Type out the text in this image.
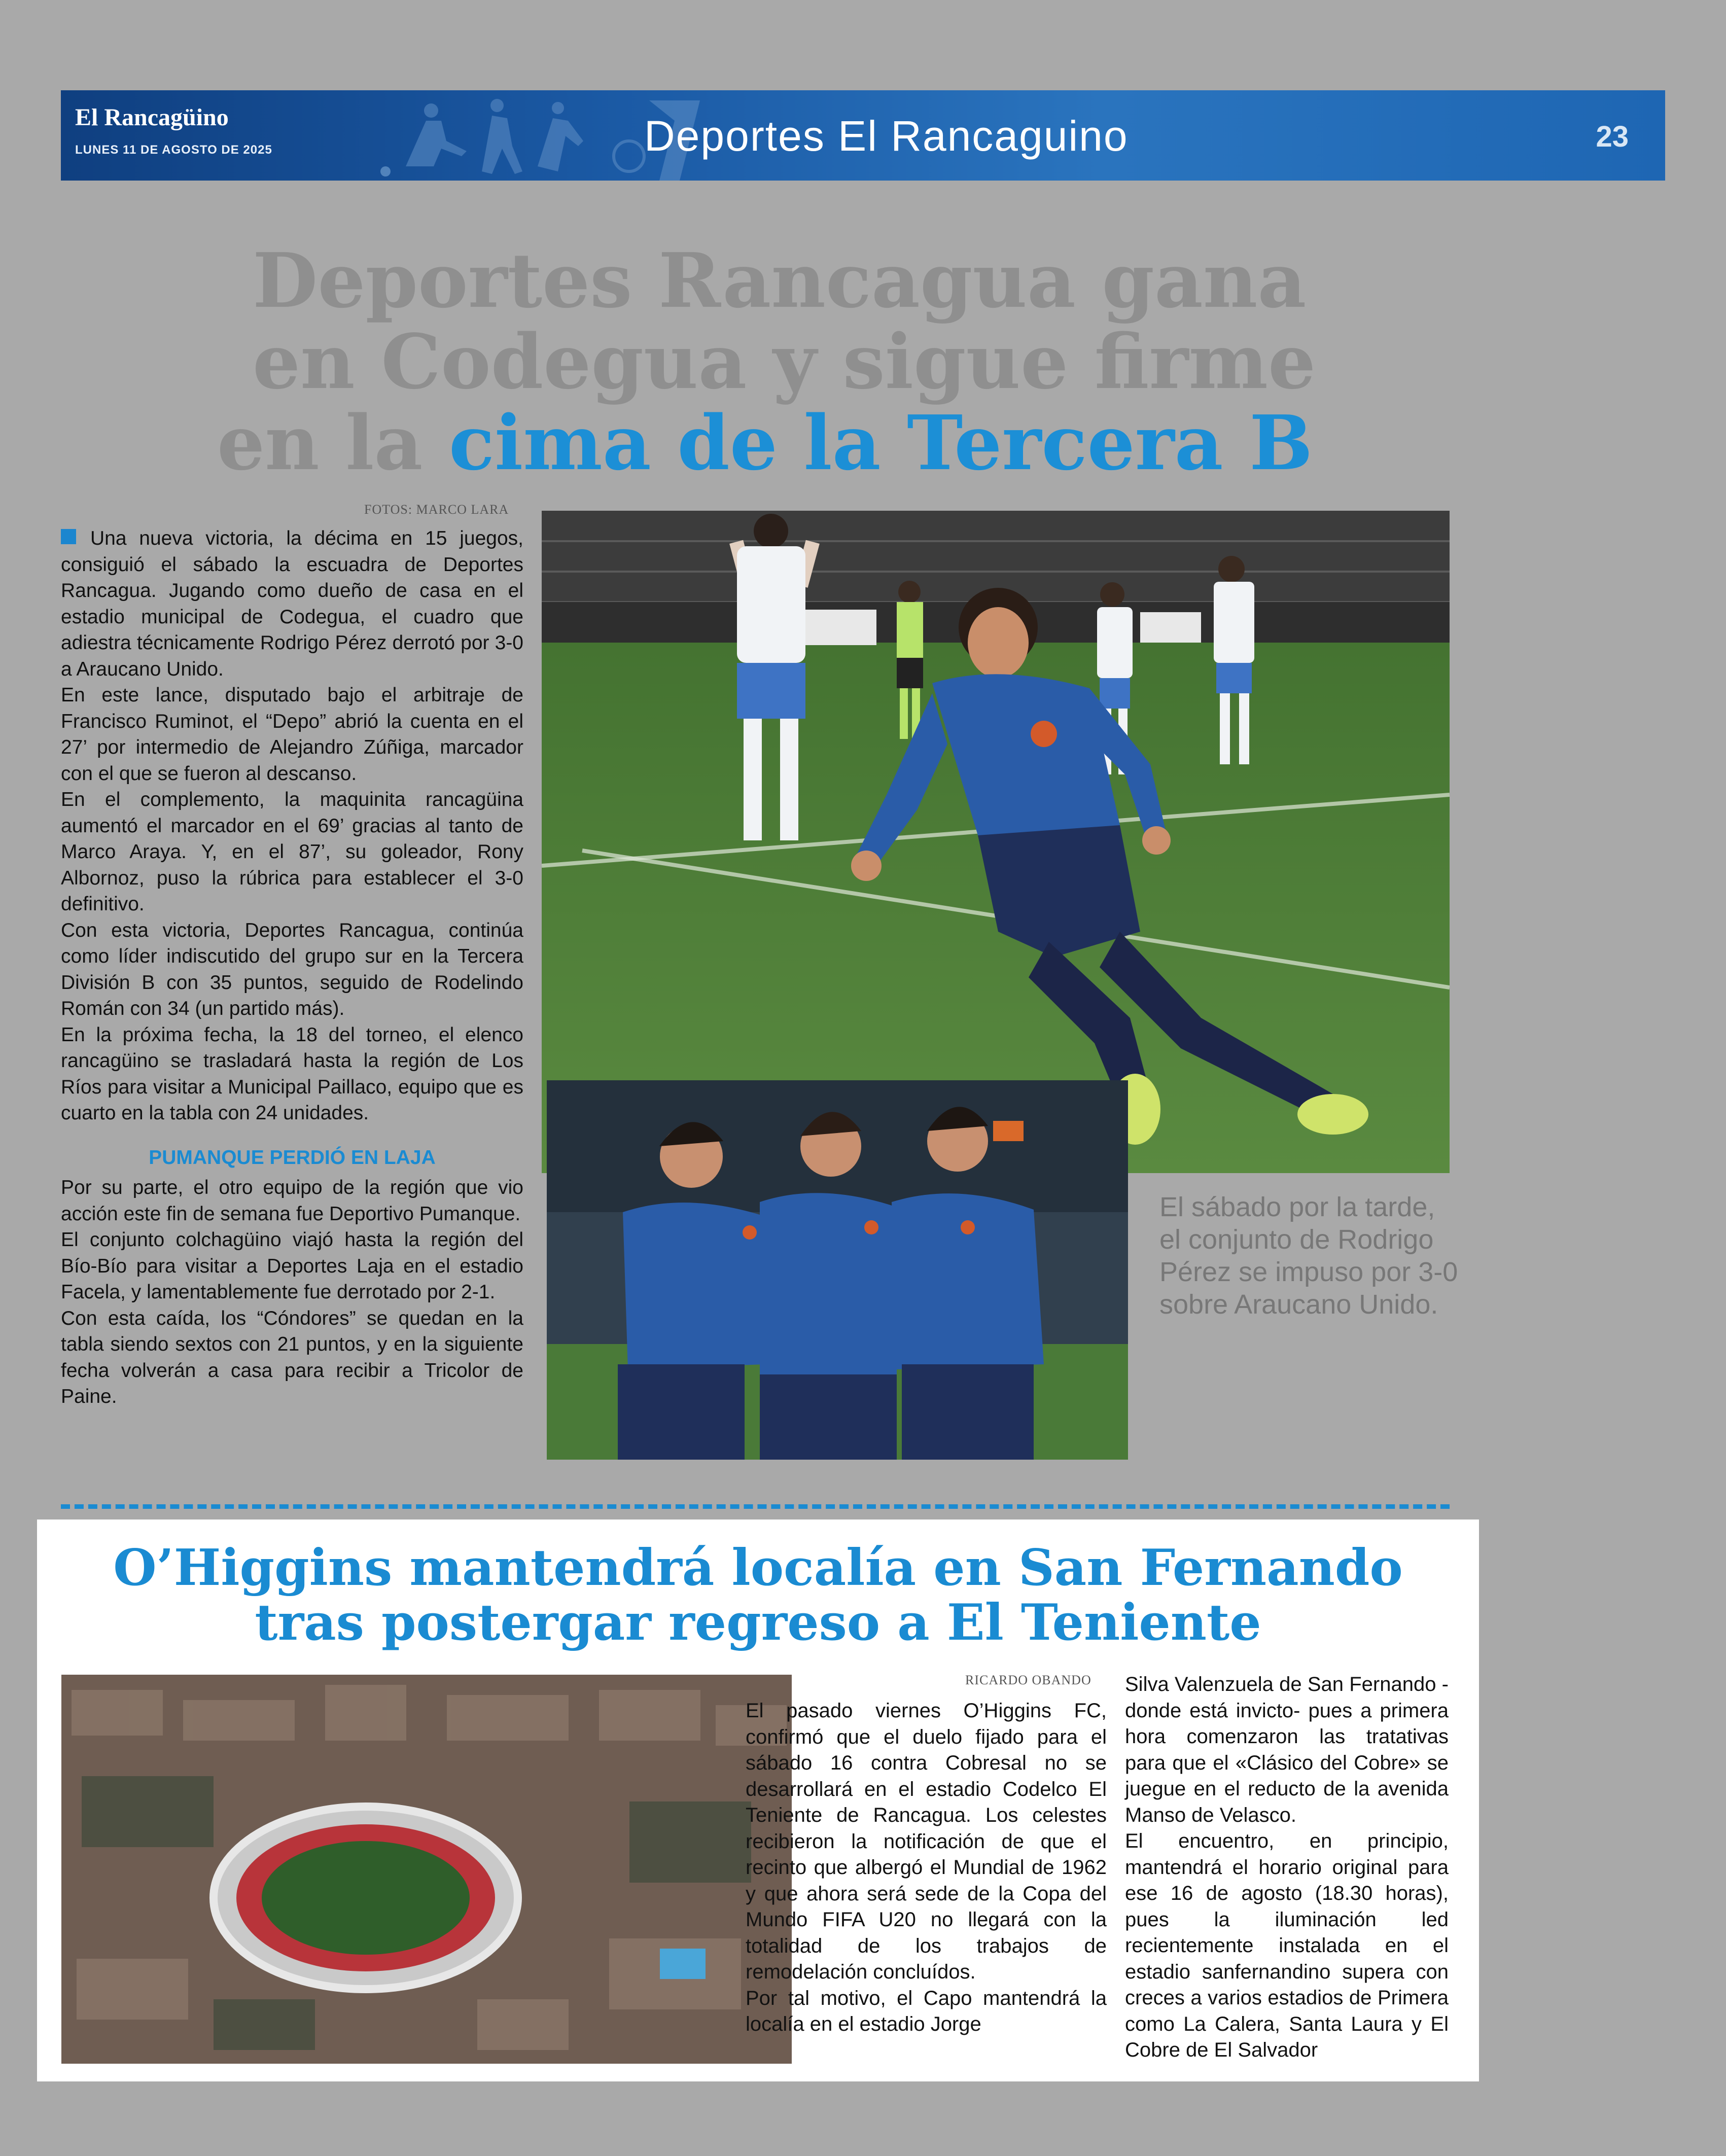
El Rancagüino
LUNES 11 DE AGOSTO DE 2025	Deportes El Rancaguino	23
Deportes Rancagua gana
en Codegua y sigue firme
en la cima de la Tercera B
FOTOS: MARCO LARA

Una nueva victoria, la décima en 15 juegos, consiguió el sábado la escuadra de Deportes Rancagua. Jugando como dueño de casa en el estadio municipal de Codegua, el cuadro que adiestra técnicamente Rodrigo Pérez derrotó por 3-0 a Araucano Unido.

En este lance, disputado bajo el arbitraje de Francisco Ruminot, el “Depo” abrió la cuenta en el 27’ por intermedio de Alejandro Zúñiga, marcador con el que se fueron al descanso.

En el complemento, la maquinita rancagüina aumentó el marcador en el 69’ gracias al tanto de Marco Araya. Y, en el 87’, su goleador, Rony Albornoz, puso la rúbrica para establecer el 3-0 definitivo.

Con esta victoria, Deportes Rancagua, continúa como líder indiscutido del grupo sur en la Tercera División B con 35 puntos, seguido de Rodelindo Román con 34 (un partido más).

En la próxima fecha, la 18 del torneo, el elenco rancagüino se trasladará hasta la región de Los Ríos para visitar a Municipal Paillaco, equipo que es cuarto en la tabla con 24 unidades.

PUMANQUE PERDIÓ EN LAJA

Por su parte, el otro equipo de la región que vio acción este fin de semana fue Deportivo Pumanque.

El conjunto colchagüino viajó hasta la región del Bío-Bío para visitar a Deportes Laja en el estadio Facela, y lamentablemente fue derrotado por 2-1.

Con esta caída, los “Cóndores” se quedan en la tabla siendo sextos con 21 puntos, y en la siguiente fecha volverán a casa para recibir a Tricolor de Paine.

El sábado por la tarde, el conjunto de Rodrigo Pérez se impuso por 3-0 sobre Araucano Unido.
O’Higgins mantendrá localía en San Fernando
tras postergar regreso a El Teniente
RICARDO OBANDO

El pasado viernes O’Higgins FC, confirmó que el duelo fijado para el sábado 16 contra Cobresal no se desarrollará en el estadio Codelco El Teniente de Rancagua. Los celestes recibieron la notificación de que el recinto que albergó el Mundial de 1962 y que ahora será sede de la Copa del Mundo FIFA U20 no llegará con la totalidad de los trabajos de remodelación concluídos.

Por tal motivo, el Capo mantendrá la localía en el estadio Jorge

Silva Valenzuela de San Fernando -donde está invicto- pues a primera hora comenzaron las tratativas para que el «Clásico del Cobre» se juegue en el reducto de la avenida Manso de Velasco.

El encuentro, en principio, mantendrá el horario original para ese 16 de agosto (18.30 horas), pues la iluminación led recientemente instalada en el estadio sanfernandino supera con creces a varios estadios de Primera como La Calera, Santa Laura y El Cobre de El Salvador
